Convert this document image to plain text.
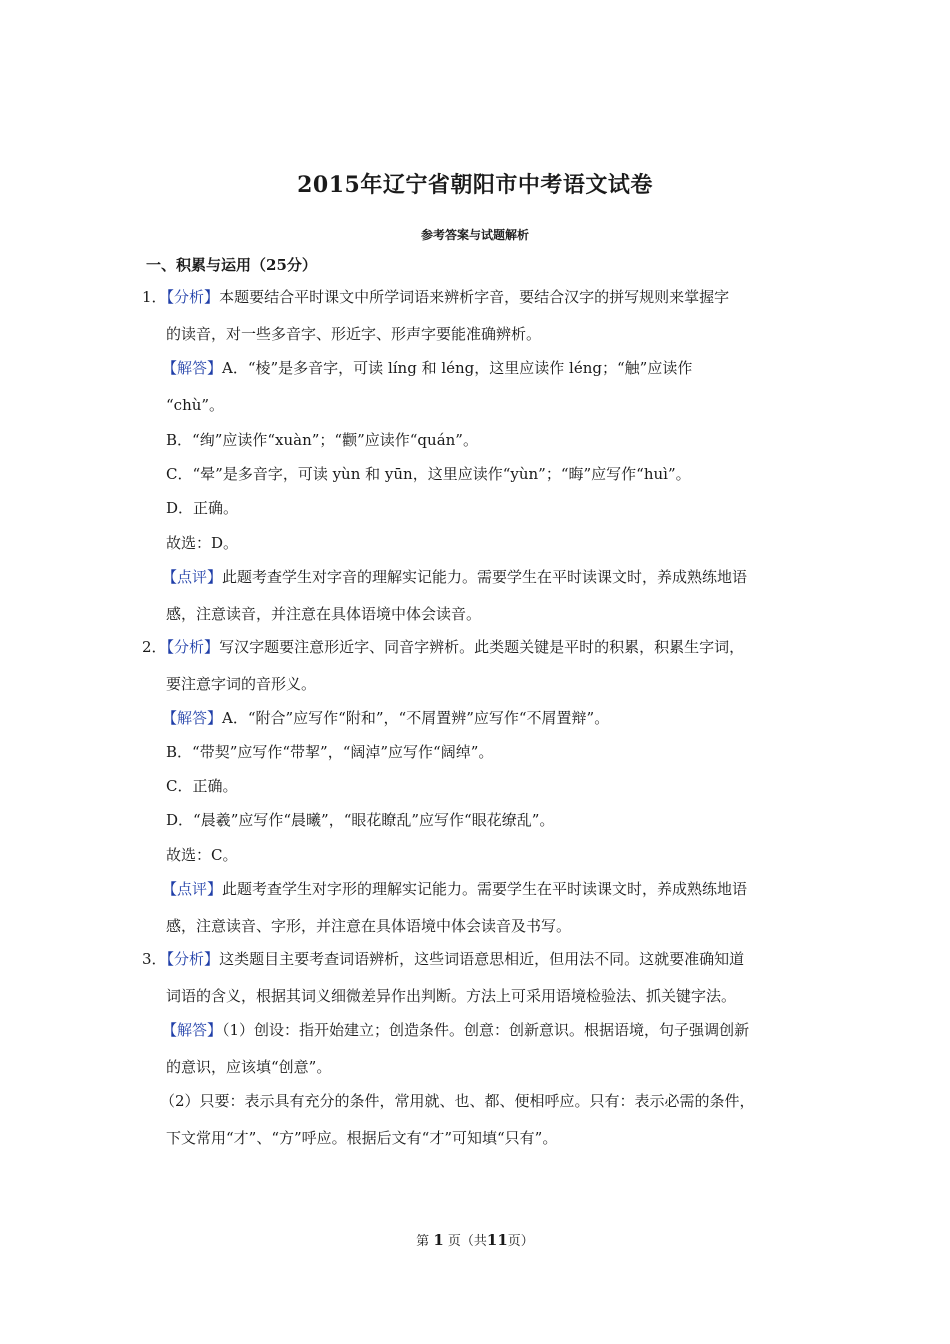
2015年辽宁省朝阳市中考语文试卷
参考答案与试题解析
一、积累与运用（25分）
1．【分析】本题要结合平时课文中所学词语来辨析字音，要结合汉字的拼写规则来掌握字
的读音，对一些多音字、形近字、形声字要能准确辨析。
【解答】A．“棱”是多音字，可读 líng 和 léng，这里应读作 léng；“触”应读作
“chù”。
B．“绚”应读作“xuàn”；“颧”应读作“quán”。
C．“晕”是多音字，可读 yùn 和 yūn，这里应读作“yùn”；“晦”应写作“huì”。
D．正确。
故选：D。
【点评】此题考查学生对字音的理解实记能力。需要学生在平时读课文时，养成熟练地语
感，注意读音，并注意在具体语境中体会读音。
2．【分析】写汉字题要注意形近字、同音字辨析。此类题关键是平时的积累，积累生字词，
要注意字词的音形义。
【解答】A．“附合”应写作“附和”，“不屑置辨”应写作“不屑置辩”。
B．“带契”应写作“带挈”，“阔淖”应写作“阔绰”。
C．正确。
D．“晨羲”应写作“晨曦”，“眼花瞭乱”应写作“眼花缭乱”。
故选：C。
【点评】此题考查学生对字形的理解实记能力。需要学生在平时读课文时，养成熟练地语
感，注意读音、字形，并注意在具体语境中体会读音及书写。
3．【分析】这类题目主要考查词语辨析，这些词语意思相近，但用法不同。这就要准确知道
词语的含义，根据其词义细微差异作出判断。方法上可采用语境检验法、抓关键字法。
【解答】（1）创设：指开始建立；创造条件。创意：创新意识。根据语境，句子强调创新
的意识，应该填“创意”。
（2）只要：表示具有充分的条件，常用就、也、都、便相呼应。只有：表示必需的条件，
下文常用“才”、“方”呼应。根据后文有“才”可知填“只有”。
第 1 页（共11页）
